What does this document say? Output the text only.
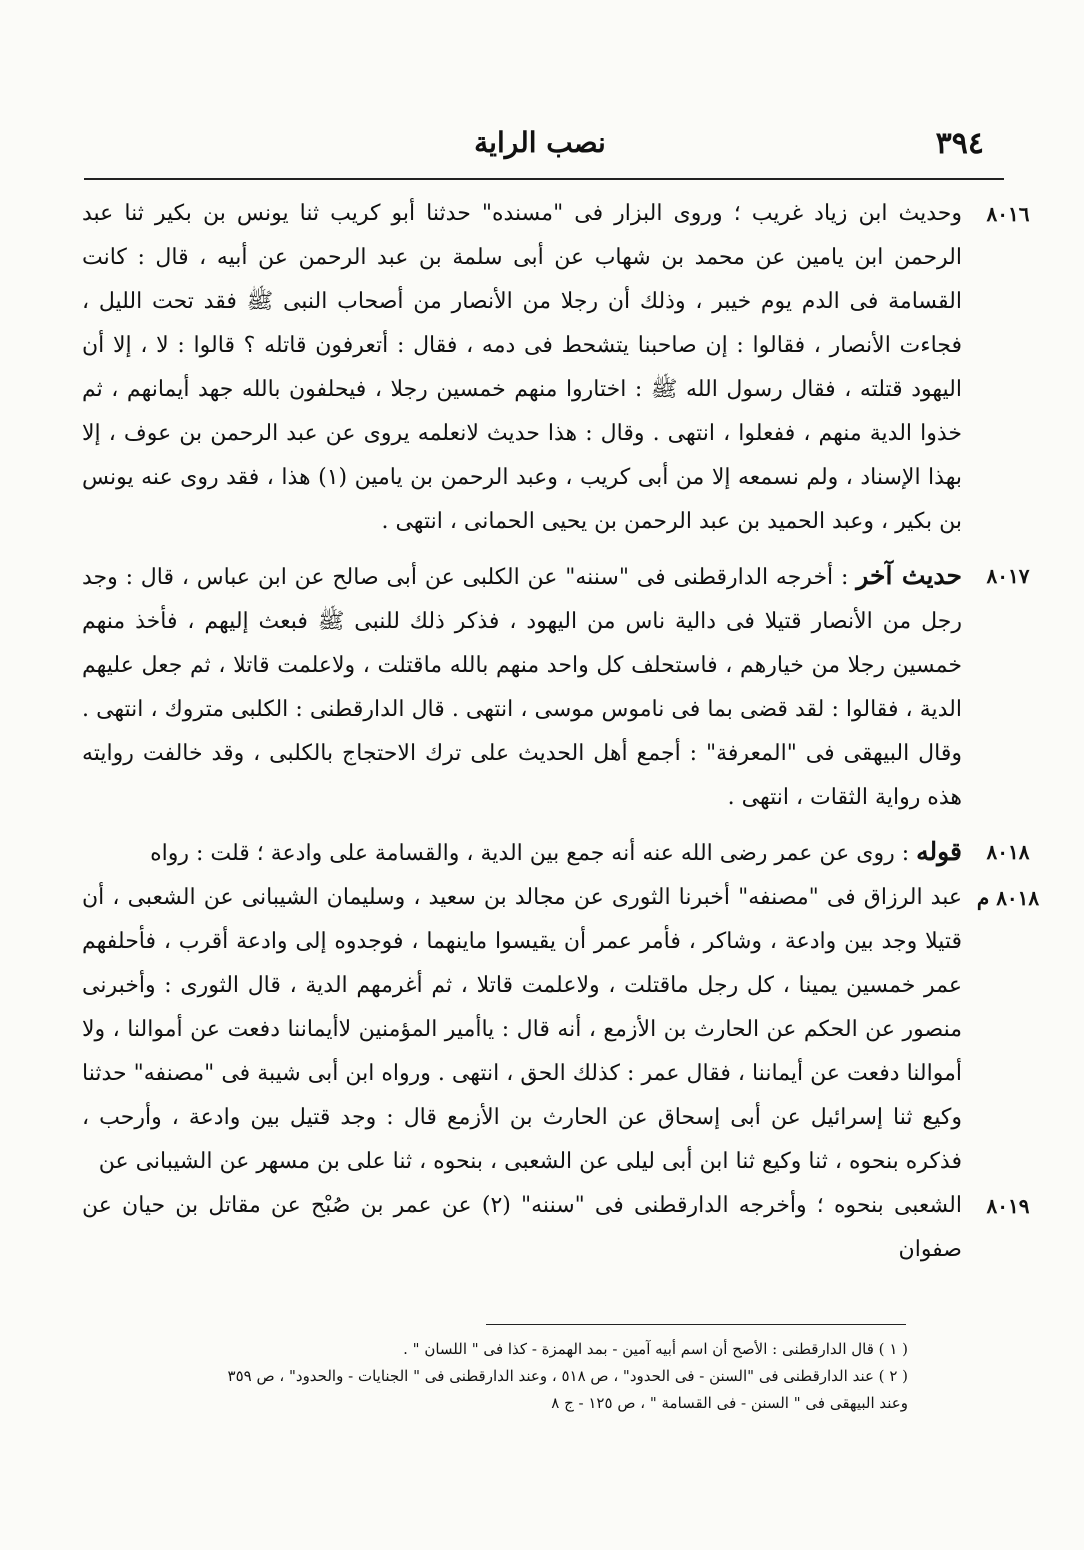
٣٩٤
نصب الراية
٨٠١٦
وحديث ابن زياد غريب ؛ وروى البزار فى "مسنده" حدثنا أبو كريب ثنا يونس بن بكير ثنا عبد الرحمن ابن يامين عن محمد بن شهاب عن أبى سلمة بن عبد الرحمن عن أبيه ، قال : كانت القسامة فى الدم يوم خيبر ، وذلك أن رجلا من الأنصار من أصحاب النبى ﷺ فقد تحت الليل ، فجاءت الأنصار ، فقالوا : إن صاحبنا يتشحط فى دمه ، فقال : أتعرفون قاتله ؟ قالوا : لا ، إلا أن اليهود قتلته ، فقال رسول الله ﷺ : اختاروا منهم خمسين رجلا ، فيحلفون بالله جهد أيمانهم ، ثم خذوا الدية منهم ، ففعلوا ، انتهى . وقال : هذا حديث لانعلمه يروى عن عبد الرحمن بن عوف ، إلا بهذا الإسناد ، ولم نسمعه إلا من أبى كريب ، وعبد الرحمن بن يامين (١) هذا ، فقد روى عنه يونس بن بكير ، وعبد الحميد بن عبد الرحمن بن يحيى الحمانى ، انتهى .
٨٠١٧
حديث آخر : أخرجه الدارقطنى فى "سننه" عن الكلبى عن أبى صالح عن ابن عباس ، قال : وجد رجل من الأنصار قتيلا فى دالية ناس من اليهود ، فذكر ذلك للنبى ﷺ فبعث إليهم ، فأخذ منهم خمسين رجلا من خيارهم ، فاستحلف كل واحد منهم بالله ماقتلت ، ولاعلمت قاتلا ، ثم جعل عليهم الدية ، فقالوا : لقد قضى بما فى ناموس موسى ، انتهى . قال الدارقطنى : الكلبى متروك ، انتهى . وقال البيهقى فى "المعرفة" : أجمع أهل الحديث على ترك الاحتجاج بالكلبى ، وقد خالفت روايته هذه رواية الثقات ، انتهى .
٨٠١٨
قوله : روى عن عمر رضى الله عنه أنه جمع بين الدية ، والقسامة على وادعة ؛ قلت : رواه
٨٠١٨ م
عبد الرزاق فى "مصنفه" أخبرنا الثورى عن مجالد بن سعيد ، وسليمان الشيبانى عن الشعبى ، أن قتيلا وجد بين وادعة ، وشاكر ، فأمر عمر أن يقيسوا ماينهما ، فوجدوه إلى وادعة أقرب ، فأحلفهم عمر خمسين يمينا ، كل رجل ماقتلت ، ولاعلمت قاتلا ، ثم أغرمهم الدية ، قال الثورى : وأخبرنى منصور عن الحكم عن الحارث بن الأزمع ، أنه قال : ياأمير المؤمنين لاأيماننا دفعت عن أموالنا ، ولا أموالنا دفعت عن أيماننا ، فقال عمر : كذلك الحق ، انتهى . ورواه ابن أبى شيبة فى "مصنفه" حدثنا وكيع ثنا إسرائيل عن أبى إسحاق عن الحارث بن الأزمع قال : وجد قتيل بين وادعة ، وأرحب ، فذكره بنحوه ، ثنا وكيع ثنا ابن أبى ليلى عن الشعبى ، بنحوه ، ثنا على بن مسهر عن الشيبانى عن
٨٠١٩
الشعبى بنحوه ؛ وأخرجه الدارقطنى فى "سننه" (٢) عن عمر بن صُبْح عن مقاتل بن حيان عن صفوان

( ١ ) قال الدارقطنى : الأصح أن اسم أبيه آمين - بمد الهمزة - كذا فى " اللسان " .

( ٢ ) عند الدارقطنى فى "السنن - فى الحدود" ، ص ٥١٨ ، وعند الدارقطنى فى " الجنايات - والحدود" ، ص ٣٥٩

وعند البيهقى فى " السنن - فى القسامة " ، ص ١٢٥ - ج ٨
